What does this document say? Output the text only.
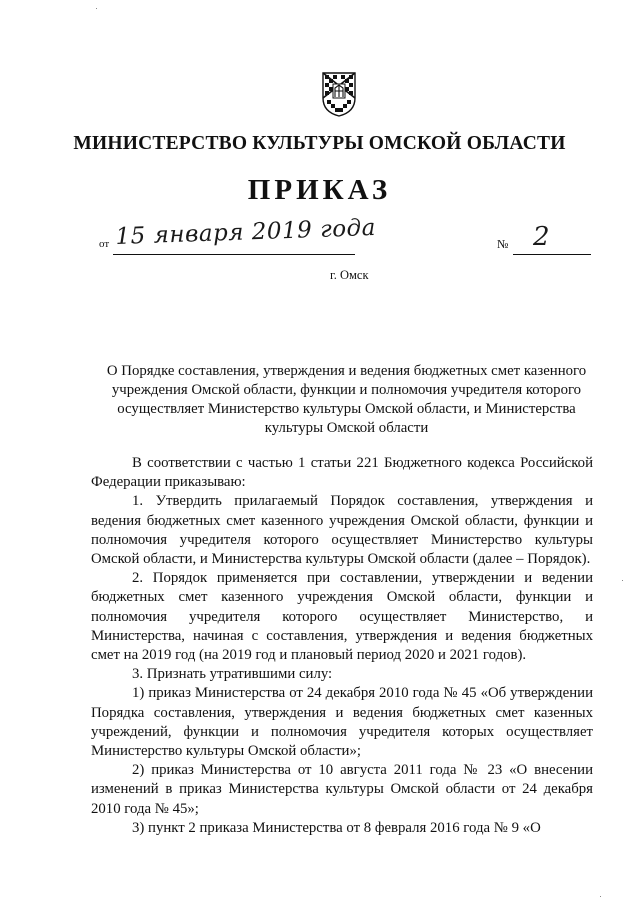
МИНИСТЕРСТВО КУЛЬТУРЫ ОМСКОЙ ОБЛАСТИ
ПРИКАЗ
от 15 января 2019 года	№ 2
г. Омск
О Порядке составления, утверждения и ведения бюджетных смет казенного учреждения Омской области, функции и полномочия учредителя которого осуществляет Министерство культуры Омской области, и Министерства культуры Омской области

В соответствии с частью 1 статьи 221 Бюджетного кодекса Российской Федерации приказываю:

1. Утвердить прилагаемый Порядок составления, утверждения и ведения бюджетных смет казенного учреждения Омской области, функции и полномочия учредителя которого осуществляет Министерство культуры Омской области, и Министерства культуры Омской области (далее – Порядок).

2. Порядок применяется при составлении, утверждении и ведении бюджетных смет казенного учреждения Омской области, функции и полномочия учредителя которого осуществляет Министерство, и Министерства, начиная с составления, утверждения и ведения бюджетных смет на 2019 год (на 2019 год и плановый период 2020 и 2021 годов).

3. Признать утратившими силу:

1) приказ Министерства от 24 декабря 2010 года № 45 «Об утверждении Порядка составления, утверждения и ведения бюджетных смет казенных учреждений, функции и полномочия учредителя которых осуществляет Министерство культуры Омской области»;

2) приказ Министерства от 10 августа 2011 года № 23 «О внесении изменений в приказ Министерства культуры Омской области от 24 декабря 2010 года № 45»;

3) пункт 2 приказа Министерства от 8 февраля 2016 года № 9 «О
